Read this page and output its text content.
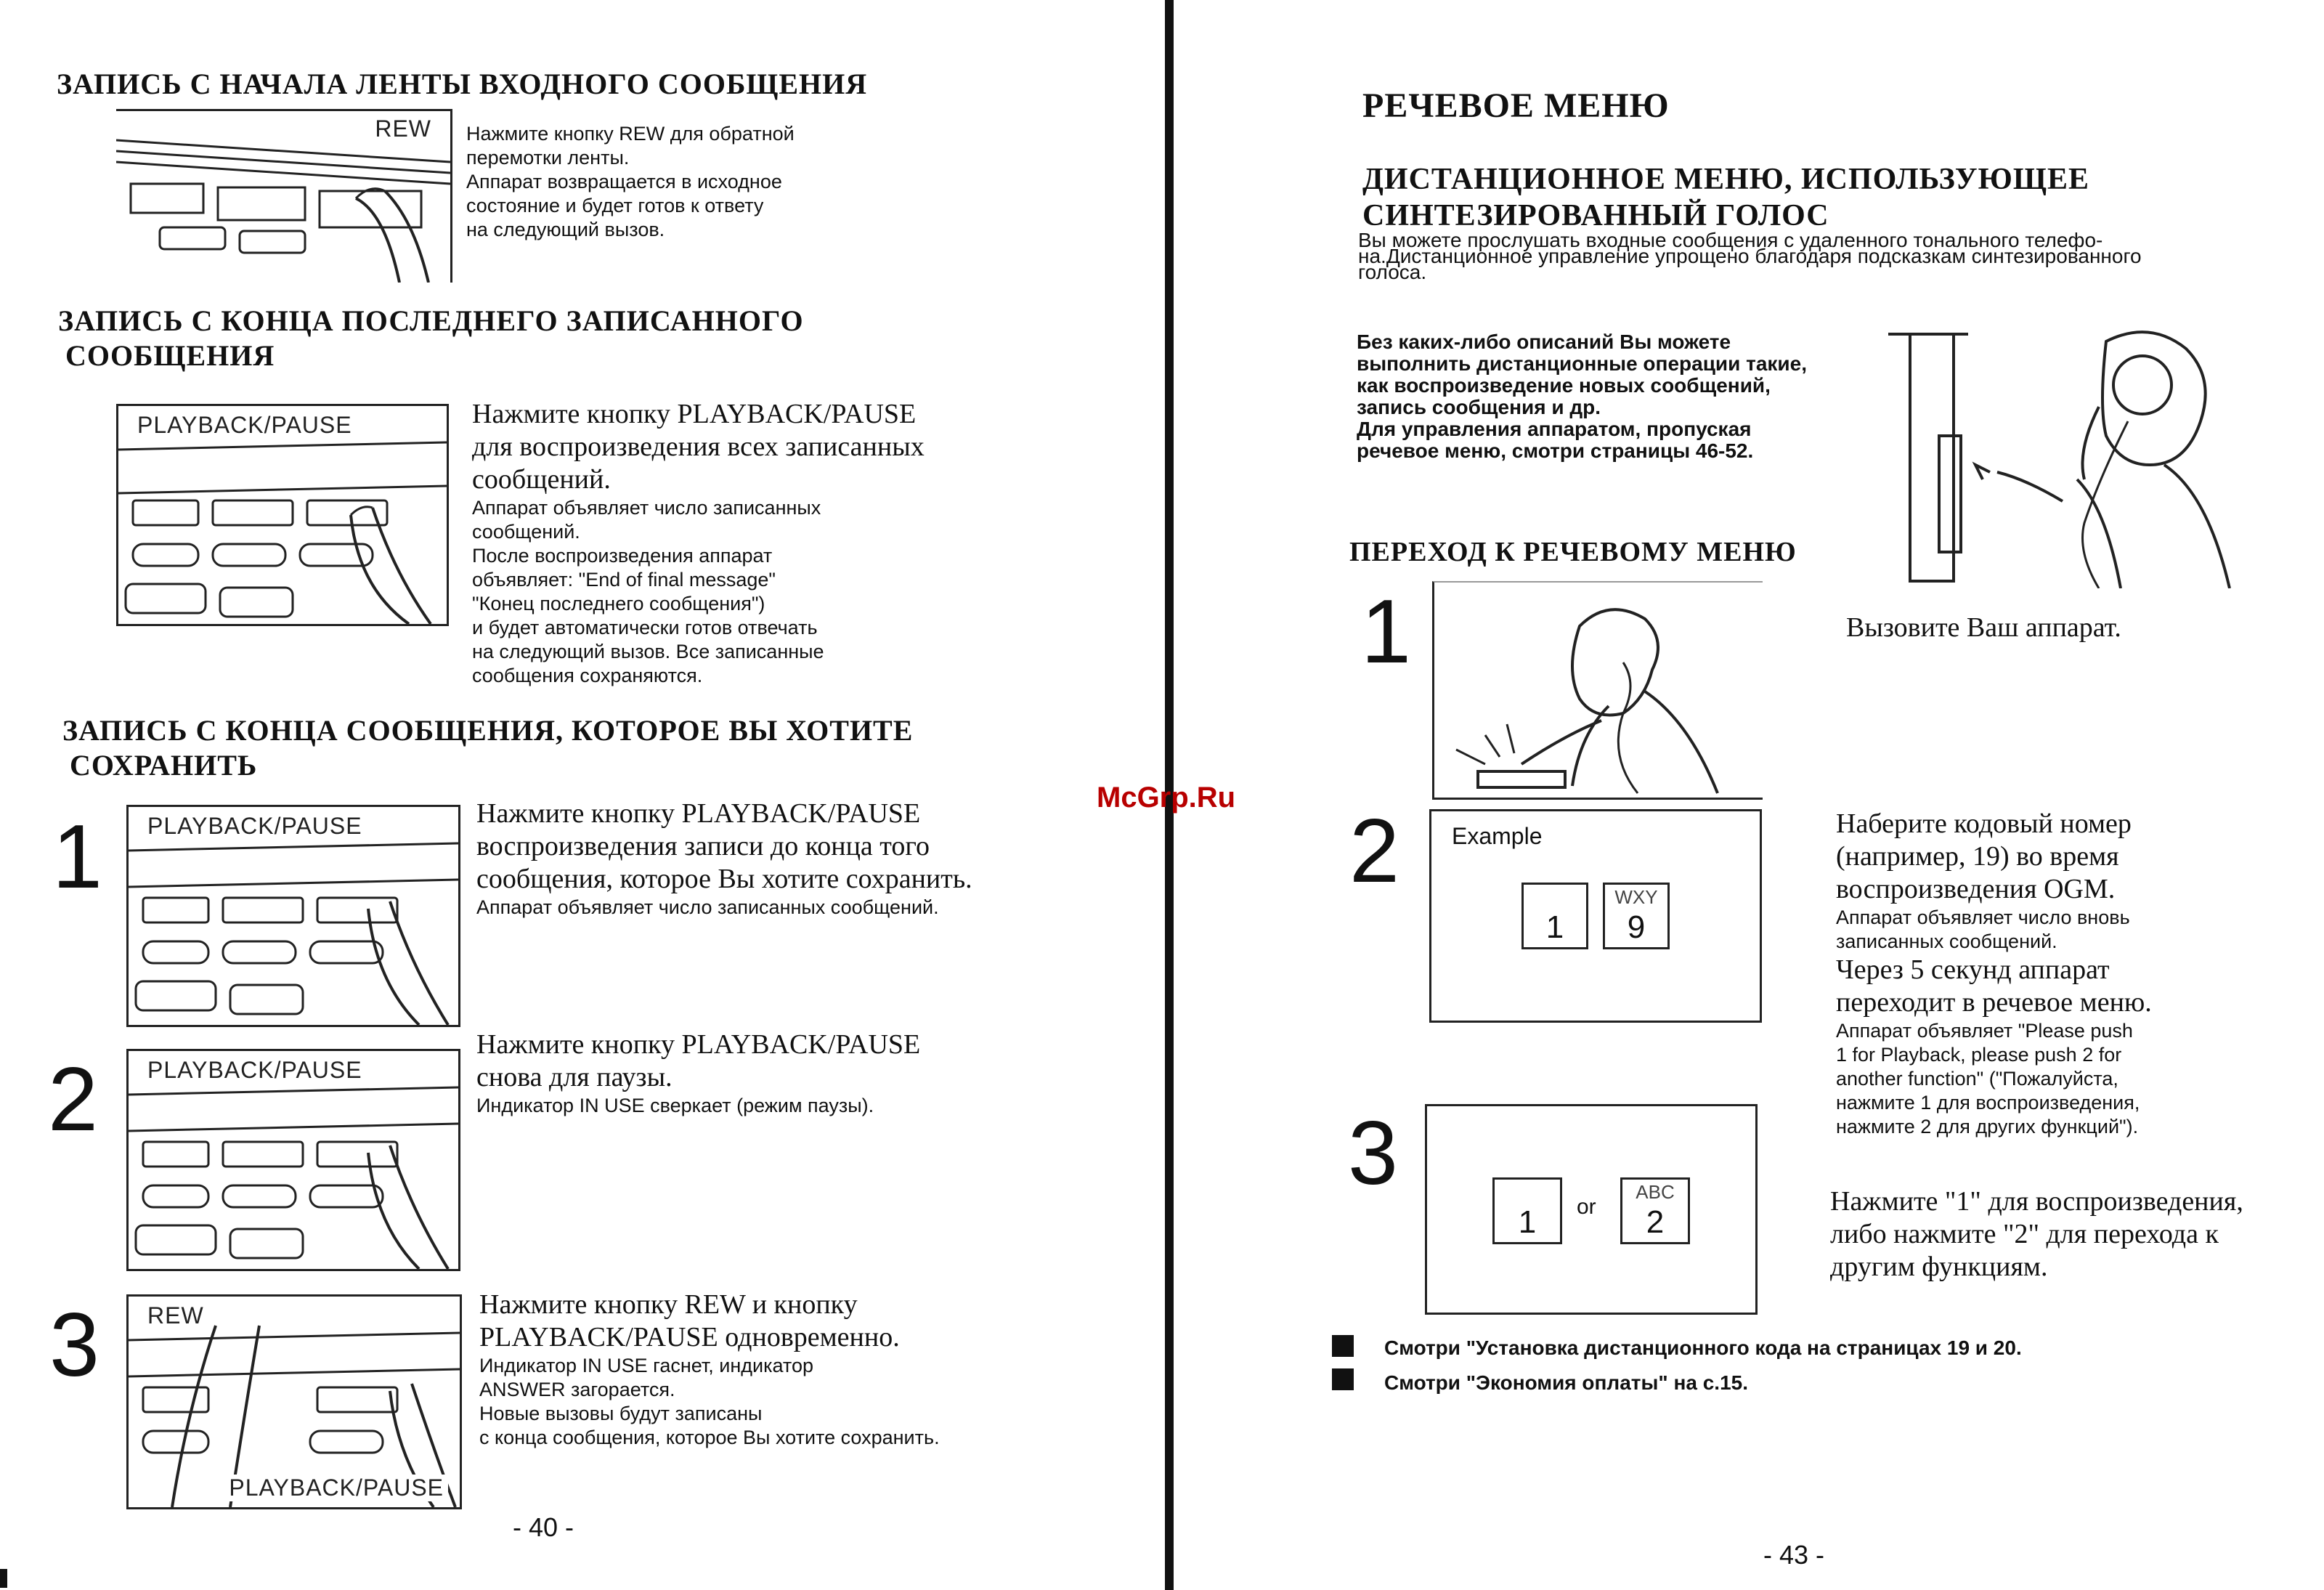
ЗАПИСЬ С НАЧАЛА ЛЕНТЫ ВХОДНОГО СООБЩЕНИЯ
REW Нажмите кнопку REW для обратной
перемотки ленты.
Аппарат возвращается в исходное
состояние и будет готов к ответу
на следующий вызов.
ЗАПИСЬ С КОНЦА ПОСЛЕДНЕГО ЗАПИСАННОГО
СООБЩЕНИЯ
PLAYBACK/PAUSE	Нажмите кнопку PLAYBACK/PAUSE
для воспроизведения всех записанных
сообщений.
Аппарат объявляет число записанных
сообщений.
После воспроизведения аппарат
объявляет: "End of final message"
"Конец последнего сообщения")
и будет автоматически готов отвечать
на следующий вызов. Все записанные
сообщения сохраняются.
ЗАПИСЬ С КОНЦА СООБЩЕНИЯ, КОТОРОЕ ВЫ ХОТИТЕ
СОХРАНИТЬ
1 PLAYBACK/PAUSE	Нажмите кнопку PLAYBACK/PAUSE
воспроизведения записи до конца того
сообщения, которое Вы хотите сохранить.
Аппарат объявляет число записанных сообщений.
2 PLAYBACK/PAUSE
Нажмите кнопку PLAYBACK/PAUSE
снова для паузы.
Индикатор IN USE сверкает (режим паузы).
3 REW
PLAYBACK/PAUSE
Нажмите кнопку REW и кнопку
PLAYBACK/PAUSE одновременно.
Индикатор IN USE гаснет, индикатор
ANSWER загорается.
Новые вызовы будут записаны
с конца сообщения, которое Вы хотите сохранить.
- 40 -
McGrp.Ru
РЕЧЕВОЕ МЕНЮ
ДИСТАНЦИОННОЕ МЕНЮ, ИСПОЛЬЗУЮЩЕЕ
СИНТЕЗИРОВАННЫЙ ГОЛОС
Вы можете прослушать входные сообщения с удаленного тонального телефо-
на.Дистанционное управление упрощено благодаря подсказкам синтезированного
голоса.
Без каких-либо описаний Вы можете
выполнить дистанционные операции такие,
как воспроизведение новых сообщений,
запись сообщения и др.
Для управления аппаратом, пропуская
речевое меню, смотри страницы 46-52.
ПЕРЕХОД К РЕЧЕВОМУ МЕНЮ
1	Вызовите Ваш аппарат.
2 Example
1
WXY
9
Наберите кодовый номер
(например, 19) во время
воспроизведения OGM.
Аппарат объявляет число вновь
записанных сообщений.
Через 5 секунд аппарат
переходит в речевое меню.
Аппарат объявляет "Please push
1 for Playback, please push 2 for
another function" ("Пожалуйста,
нажмите 1 для воспроизведения,
нажмите 2 для других функций").
3
1	or
ABC
2
Нажмите "1" для воспроизведения,
либо нажмите "2" для перехода к
другим функциям.
Смотри "Установка дистанционного кода на страницах 19 и 20.
Смотри "Экономия оплаты" на с.15.
- 43 -
